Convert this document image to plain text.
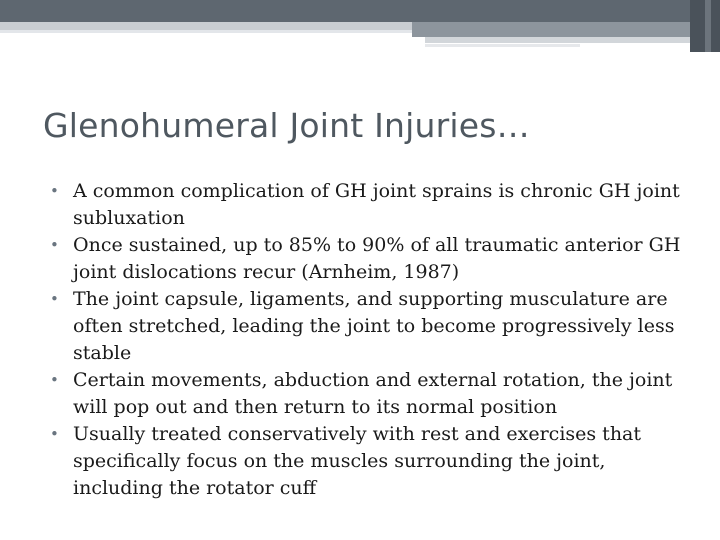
Glenohumeral Joint Injuries…
• A common complication of GH joint sprains is chronic GH joint subluxation
• Once sustained, up to 85% to 90% of all traumatic anterior GH joint dislocations recur (Arnheim, 1987)
• The joint capsule, ligaments, and supporting musculature are often stretched, leading the joint to become progressively less stable
• Certain movements, abduction and external rotation, the joint will pop out and then return to its normal position
• Usually treated conservatively with rest and exercises that specifically focus on the muscles surrounding the joint, including the rotator cuff
